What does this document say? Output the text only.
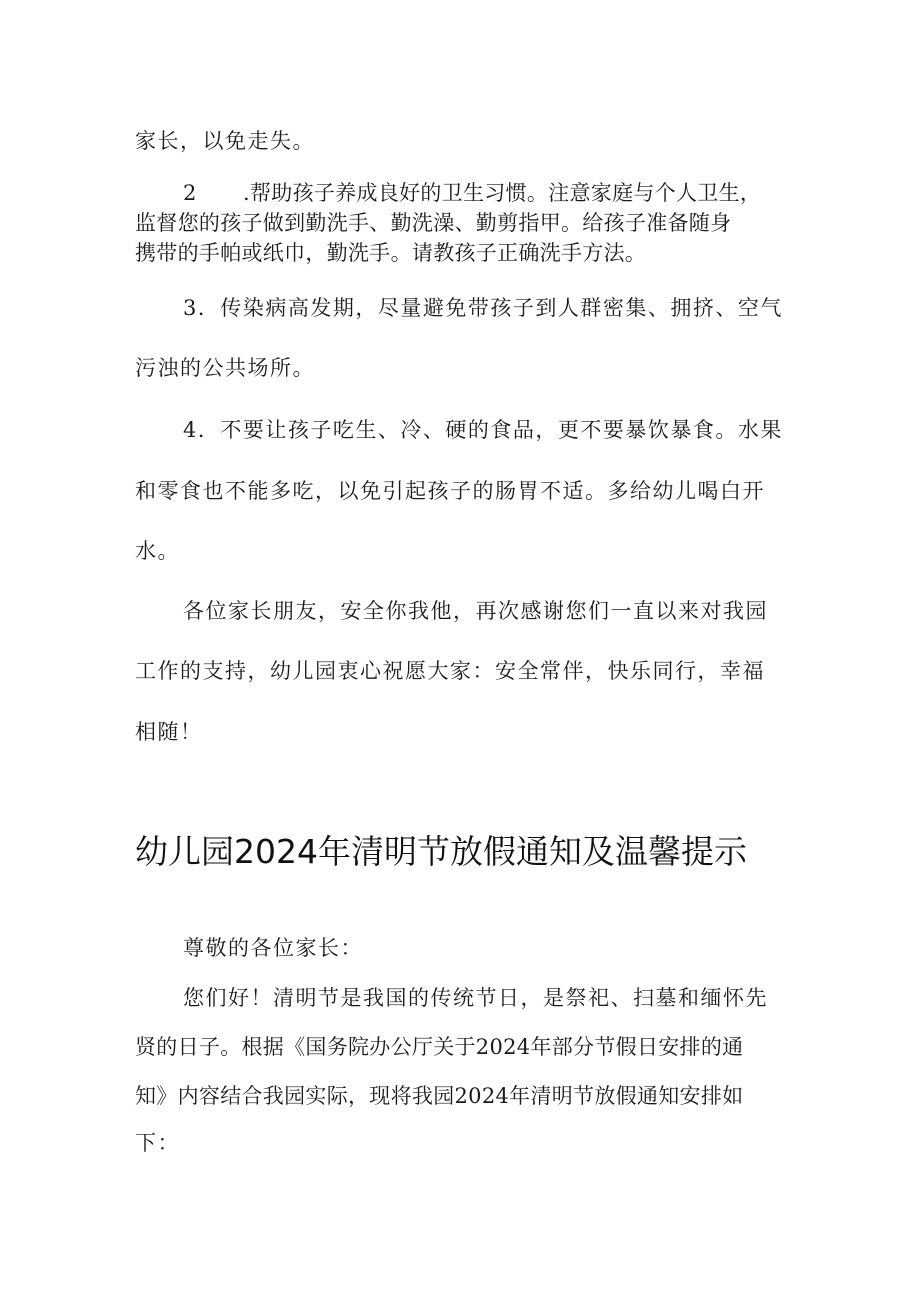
家长，以免走失。
2 .帮助孩子养成良好的卫生习惯。注意家庭与个人卫生，
监督您的孩子做到勤洗手、勤洗澡、勤剪指甲。给孩子准备随身
携带的手帕或纸巾，勤洗手。请教孩子正确洗手方法。
3．传染病高发期，尽量避免带孩子到人群密集、拥挤、空气
污浊的公共场所。
4．不要让孩子吃生、冷、硬的食品，更不要暴饮暴食。水果
和零食也不能多吃，以免引起孩子的肠胃不适。多给幼儿喝白开
水。
各位家长朋友，安全你我他，再次感谢您们一直以来对我园
工作的支持，幼儿园衷心祝愿大家：安全常伴，快乐同行，幸福
相随！
幼儿园2024年清明节放假通知及温馨提示
尊敬的各位家长：
您们好！清明节是我国的传统节日，是祭祀、扫墓和缅怀先
贤的日子。根据《国务院办公厅关于2024年部分节假日安排的通
知》内容结合我园实际，现将我园2024年清明节放假通知安排如
下：
